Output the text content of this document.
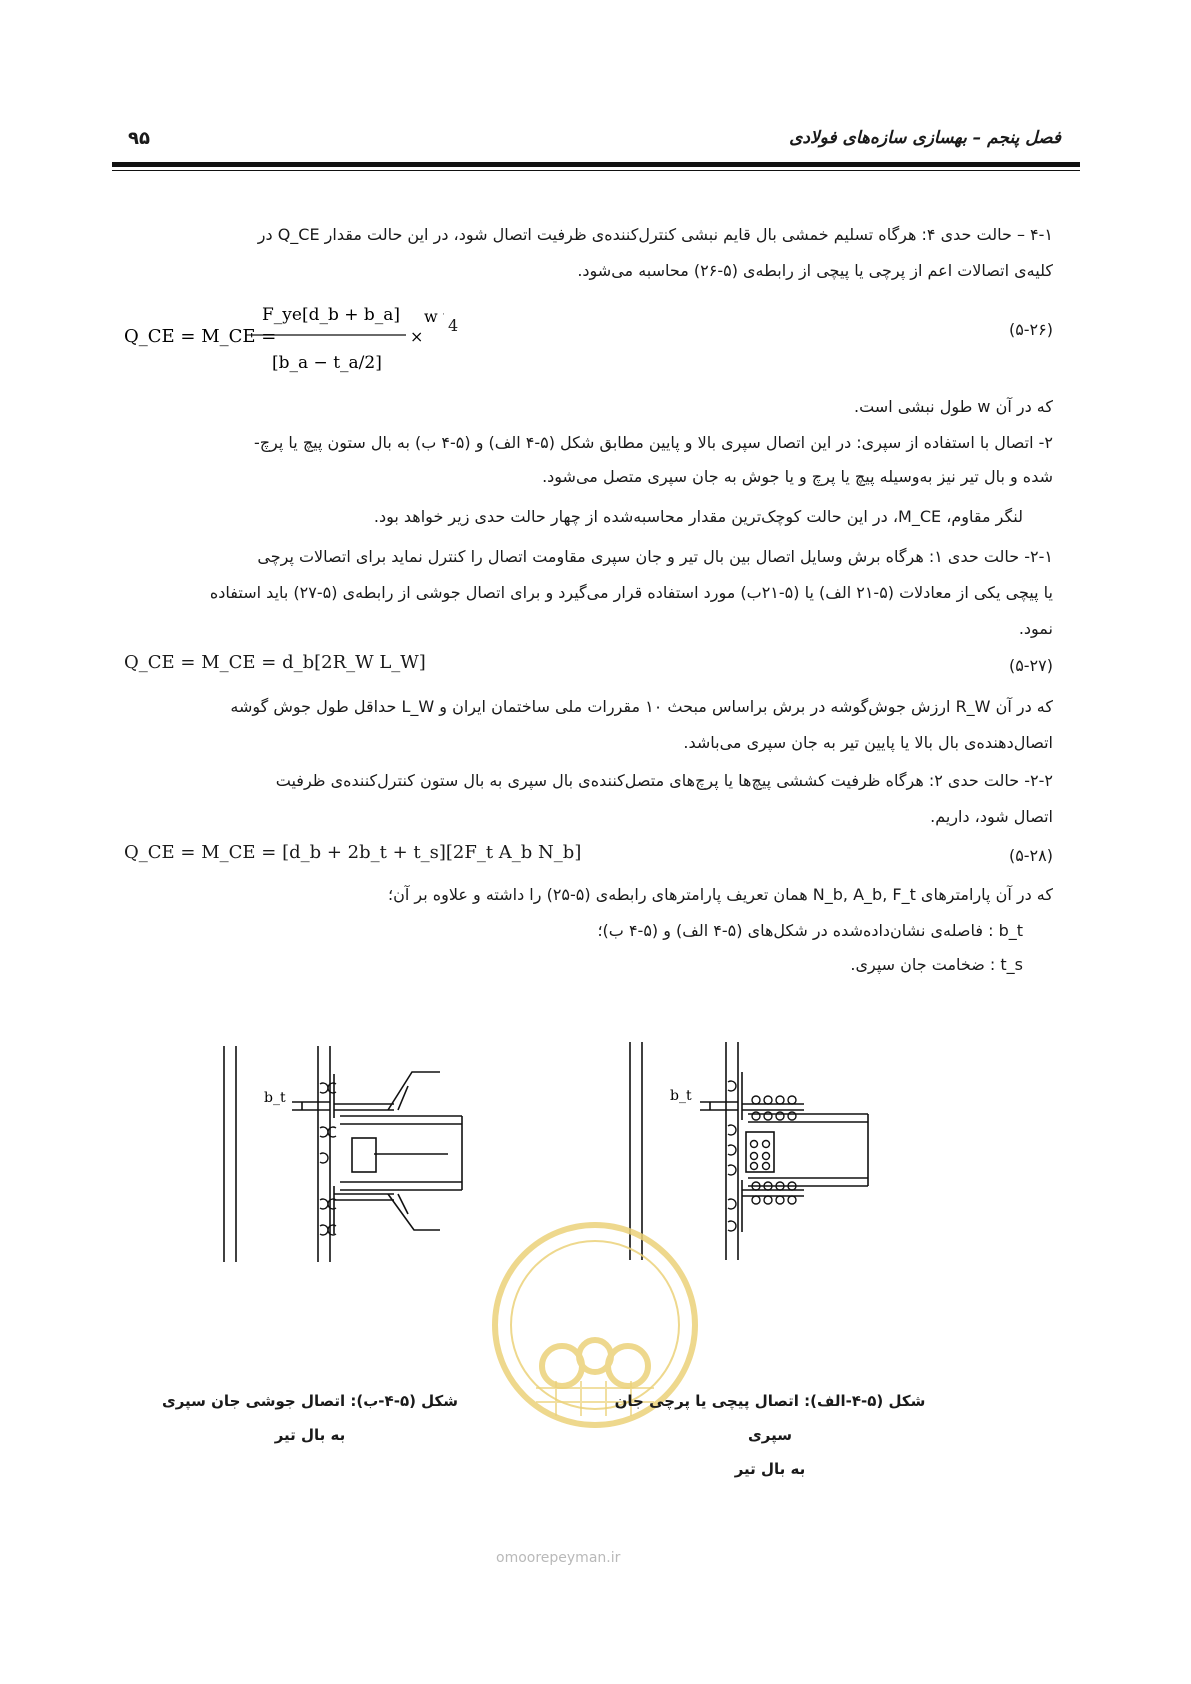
فصل پنجم – بهسازی سازه‌های فولادی
۹۵
۴-۱ – حالت حدی ۴: هرگاه تسلیم خمشی بال قایم نبشی کنترل‌کننده‌ی ظرفیت اتصال شود، در این حالت مقدار Q_CE در
کلیه‌ی اتصالات اعم از پرچی یا پیچی از رابطه‌ی (۵-۲۶) محاسبه می‌شود.
Q_CE = M_CE =
F_ye[d_b + b_a]
[b_a − t_a/2]
×
w 4	(۵-۲۶)
که در آن w طول نبشی است.
۲- اتصال با استفاده از سپری: در این اتصال سپری بالا و پایین مطابق شکل (۵-۴ الف) و (۵-۴ ب) به بال ستون پیچ یا پرچ-
شده و بال تیر نیز به‌وسیله پیچ یا پرچ و یا جوش به جان سپری متصل می‌شود.
لنگر مقاوم، M_CE، در این حالت کوچک‌ترین مقدار محاسبه‌شده از چهار حالت حدی زیر خواهد بود.
۲-۱- حالت حدی ۱: هرگاه برش وسایل اتصال بین بال تیر و جان سپری مقاومت اتصال را کنترل نماید برای اتصالات پرچی
یا پیچی یکی از معادلات (۵-۲۱ الف) یا (۵-۲۱ب) مورد استفاده قرار می‌گیرد و برای اتصال جوشی از رابطه‌ی (۵-۲۷) باید استفاده
نمود.
Q_CE = M_CE = d_b[2R_W L_W]	(۵-۲۷)
که در آن R_W ارزش جوش‌گوشه در برش براساس مبحث ۱۰ مقررات ملی ساختمان ایران و L_W حداقل طول جوش گوشه
اتصال‌دهنده‌ی بال بالا یا پایین تیر به جان سپری می‌باشد.
۲-۲- حالت حدی ۲: هرگاه ظرفیت کششی پیچ‌ها یا پرچ‌های متصل‌کننده‌ی بال سپری به بال ستون کنترل‌کننده‌ی ظرفیت
اتصال شود، داریم.
Q_CE = M_CE = [d_b + 2b_t + t_s][2F_t A_b N_b]	(۵-۲۸)
که در آن پارامترهای N_b, A_b, F_t همان تعریف پارامترهای رابطه‌ی (۵-۲۵) را داشته و علاوه بر آن؛
b_t : فاصله‌ی نشان‌داده‌شده در شکل‌های (۵-۴ الف) و (۵-۴ ب)؛
t_s : ضخامت جان سپری.
b_t	b_t
omoorepeyman.ir
شکل (۵-۴-ب): اتصال جوشی جان سپری
به بال تیر
شکل (۵-۴-الف): اتصال پیچی یا پرچی جان سپری
به بال تیر
